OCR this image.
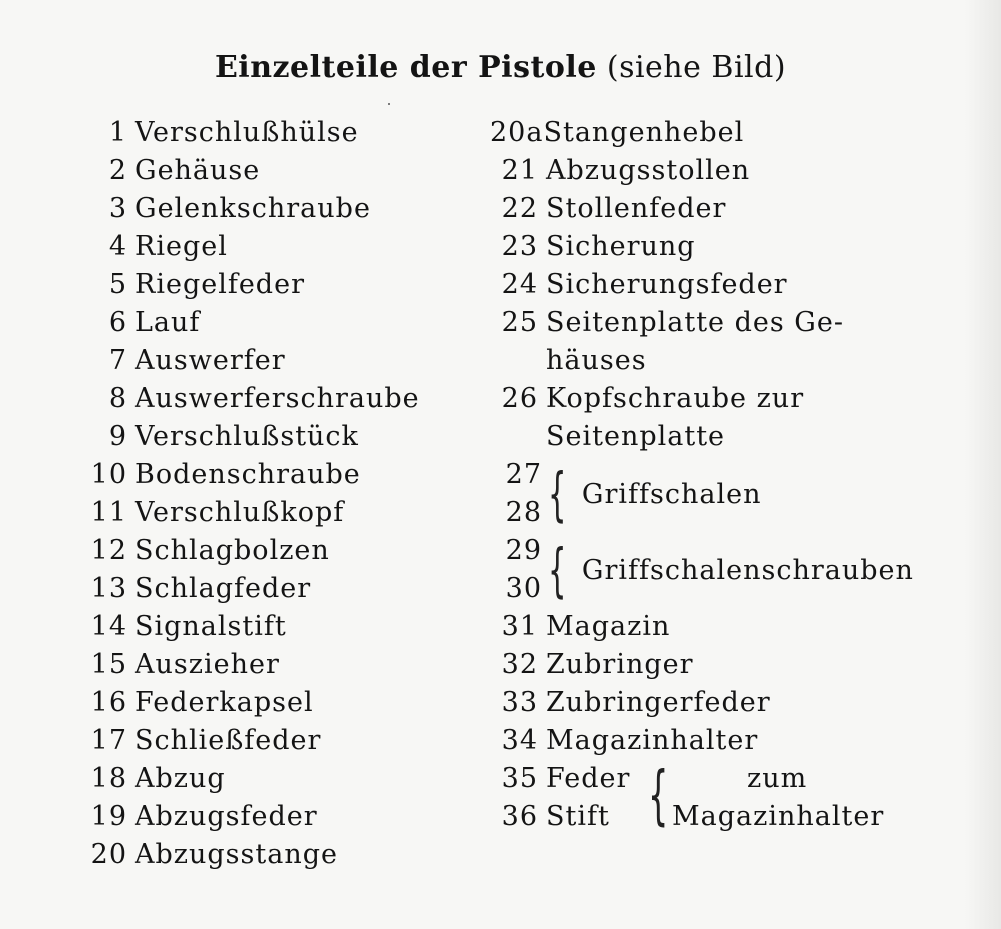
Einzelteile der Pistole (siehe Bild)
1 Verschlußhülse
2 Gehäuse
3 Gelenkschraube
4 Riegel
5 Riegelfeder
6 Lauf
7 Auswerfer
8 Auswerferschraube
9 Verschlußstück
10 Bodenschraube
11 Verschlußkopf
12 Schlagbolzen
13 Schlagfeder
14 Signalstift
15 Auszieher
16 Federkapsel
17 Schließfeder
18 Abzug
19 Abzugsfeder
20 Abzugsstange
20a Stangenhebel
21 Abzugsstollen
22 Stollenfeder
23 Sicherung
24 Sicherungsfeder
25 Seitenplatte des Ge-
häuses
26 Kopfschraube zur
Seitenplatte
27
28 { Griffschalen
29
30 { Griffschalenschrauben
31 Magazin
32 Zubringer
33 Zubringerfeder
34 Magazinhalter
35 Feder
36 Stift {	zum
Magazinhalter
